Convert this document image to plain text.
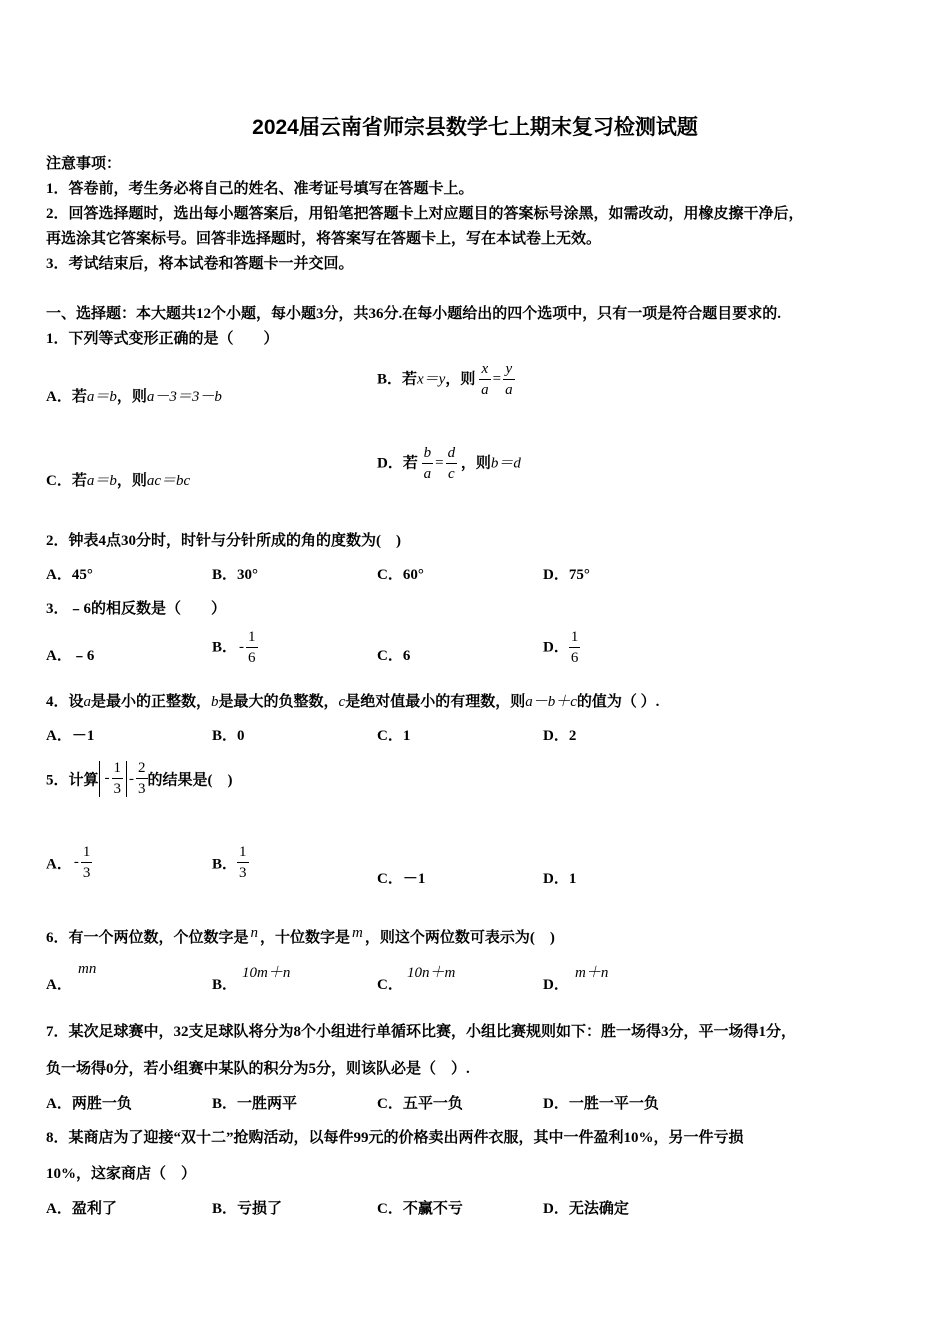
2024届云南省师宗县数学七上期末复习检测试题
注意事项：
1．答卷前，考生务必将自己的姓名、准考证号填写在答题卡上。
2．回答选择题时，选出每小题答案后，用铅笔把答题卡上对应题目的答案标号涂黑，如需改动，用橡皮擦干净后，
再选涂其它答案标号。回答非选择题时，将答案写在答题卡上，写在本试卷上无效。
3．考试结束后，将本试卷和答题卡一并交回。
一、选择题：本大题共12个小题，每小题3分，共36分.在每小题给出的四个选项中，只有一项是符合题目要求的.
1．下列等式变形正确的是（　　）
A．若a＝b，则a－3＝3－b
B．若x＝y，则 $\frac{x}{a} = \frac{y}{a}$
C．若a＝b，则ac＝bc
D．若 $\frac{b}{a} = \frac{d}{c}$ ，则b＝d
2．钟表4点30分时，时针与分针所成的角的度数为(　)
A．45°	B．30°	C．60°	D．75°
3．﹣6的相反数是（　　）
A．﹣6
B． - $\frac{1}{6}$	C．6
D． $\frac{1}{6}$
4．设a是最小的正整数，b是最大的负整数，c是绝对值最小的有理数，则a－b＋c的值为（ ）.
A．－1	B．0	C．1	D．2
5．计算 - $\frac{1}{3} - \frac{2}{3}$ 的结果是(　)
A． - $\frac{1}{3}$	B． $\frac{1}{3}$	C．－1	D．1
6．有一个两位数，个位数字是 n ，十位数字是 m ，则这个两位数可表示为(　)
A．
mn
B．
10m＋n
C．
10n＋m
D．
m＋n
7．某次足球赛中，32支足球队将分为8个小组进行单循环比赛，小组比赛规则如下：胜一场得3分，平一场得1分，
负一场得0分，若小组赛中某队的积分为5分，则该队必是（　）.
A．两胜一负	B．一胜两平	C．五平一负	D．一胜一平一负
8．某商店为了迎接“双十二”抢购活动，以每件99元的价格卖出两件衣服，其中一件盈利10%，另一件亏损
10%，这家商店（　）
A．盈利了	B．亏损了	C．不赢不亏	D．无法确定
